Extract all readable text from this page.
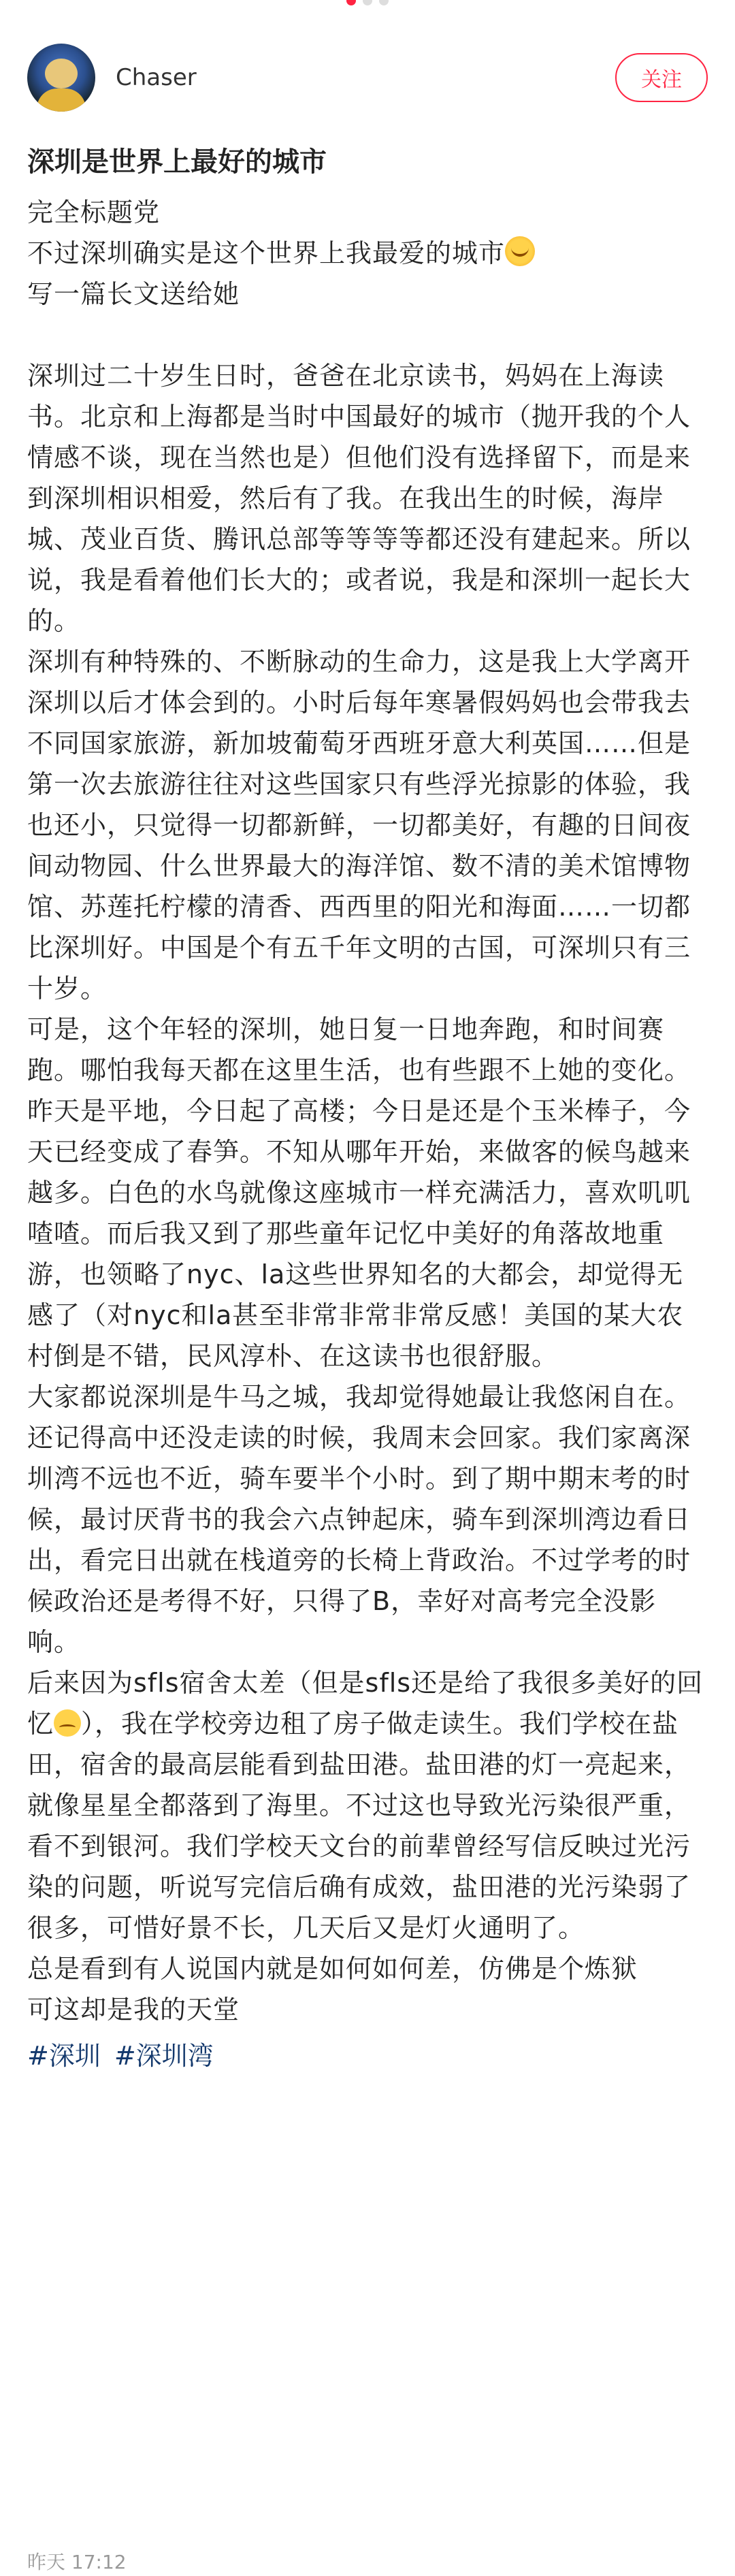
Chaser	关注
深圳是世界上最好的城市

完全标题党

不过深圳确实是这个世界上我最爱的城市

写一篇长文送给她

深圳过二十岁生日时，爸爸在北京读书，妈妈在上海读书。北京和上海都是当时中国最好的城市（抛开我的个人情感不谈，现在当然也是）但他们没有选择留下，而是来到深圳相识相爱，然后有了我。在我出生的时候，海岸城、茂业百货、腾讯总部等等等等都还没有建起来。所以说，我是看着他们长大的；或者说，我是和深圳一起长大的。

深圳有种特殊的、不断脉动的生命力，这是我上大学离开深圳以后才体会到的。小时后每年寒暑假妈妈也会带我去不同国家旅游，新加坡葡萄牙西班牙意大利英国……但是第一次去旅游往往对这些国家只有些浮光掠影的体验，我也还小，只觉得一切都新鲜，一切都美好，有趣的日间夜间动物园、什么世界最大的海洋馆、数不清的美术馆博物馆、苏莲托柠檬的清香、西西里的阳光和海面……一切都比深圳好。中国是个有五千年文明的古国，可深圳只有三十岁。

可是，这个年轻的深圳，她日复一日地奔跑，和时间赛跑。哪怕我每天都在这里生活，也有些跟不上她的变化。昨天是平地，今日起了高楼；今日是还是个玉米棒子，今天已经变成了春笋。不知从哪年开始，来做客的候鸟越来越多。白色的水鸟就像这座城市一样充满活力，喜欢叽叽喳喳。而后我又到了那些童年记忆中美好的角落故地重游，也领略了nyc、la这些世界知名的大都会，却觉得无感了（对nyc和la甚至非常非常非常反感！美国的某大农村倒是不错，民风淳朴、在这读书也很舒服。

大家都说深圳是牛马之城，我却觉得她最让我悠闲自在。

还记得高中还没走读的时候，我周末会回家。我们家离深圳湾不远也不近，骑车要半个小时。到了期中期末考的时候，最讨厌背书的我会六点钟起床，骑车到深圳湾边看日出，看完日出就在栈道旁的长椅上背政治。不过学考的时候政治还是考得不好，只得了B，幸好对高考完全没影响。

后来因为sfls宿舍太差（但是sfls还是给了我很多美好的回忆 ），我在学校旁边租了房子做走读生。我们学校在盐田，宿舍的最高层能看到盐田港。盐田港的灯一亮起来，就像星星全都落到了海里。不过这也导致光污染很严重，看不到银河。我们学校天文台的前辈曾经写信反映过光污染的问题，听说写完信后确有成效，盐田港的光污染弱了很多，可惜好景不长，几天后又是灯火通明了。

总是看到有人说国内就是如何如何差，仿佛是个炼狱

可这却是我的天堂

#深圳 #深圳湾
昨天 17:12
